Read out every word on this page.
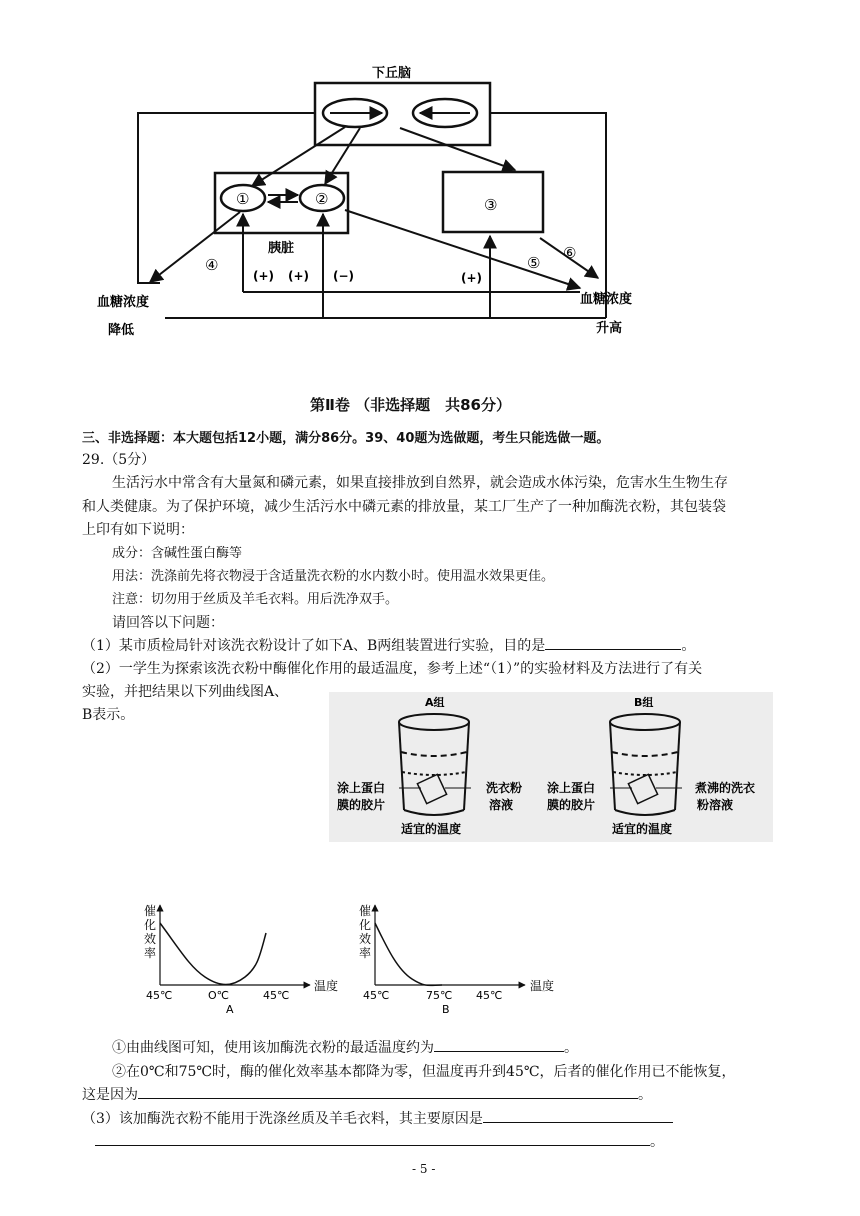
下丘脑
胰脏
①	②	③
④	⑤
⑥
(+) (+) (−)	(+)
血糖浓度
降低
血糖浓度
升高
第Ⅱ卷 （非选择题　共86分）
三、非选择题：本大题包括12小题，满分86分。39、40题为选做题，考生只能选做一题。
29.（5分）
生活污水中常含有大量氮和磷元素，如果直接排放到自然界，就会造成水体污染，危害水生生物生存
和人类健康。为了保护环境，减少生活污水中磷元素的排放量，某工厂生产了一种加酶洗衣粉，其包装袋
上印有如下说明：
成分：含碱性蛋白酶等
用法：洗涤前先将衣物浸于含适量洗衣粉的水内数小时。使用温水效果更佳。
注意：切勿用于丝质及羊毛衣料。用后洗净双手。
请回答以下问题：
（1）某市质检局针对该洗衣粉设计了如下A、B两组装置进行实验，目的是	。
（2）一学生为探索该洗衣粉中酶催化作用的最适温度，参考上述“（1）”的实验材料及方法进行了有关
实验，并把结果以下列曲线图A、
B表示。
A组	B组
涂上蛋白
膜的胶片
洗衣粉
溶液
涂上蛋白
膜的胶片
煮沸的洗衣
粉溶液
适宜的温度	适宜的温度
催
化
效
率
催
化
效
率
温度	温度
45℃	O℃	45℃
A
45℃	75℃ 45℃
B
①由曲线图可知，使用该加酶洗衣粉的最适温度约为	。
②在0℃和75℃时，酶的催化效率基本都降为零，但温度再升到45℃，后者的催化作用已不能恢复，
这是因为	。
（3）该加酶洗衣粉不能用于洗涤丝质及羊毛衣料，其主要原因是
。
- 5 -
